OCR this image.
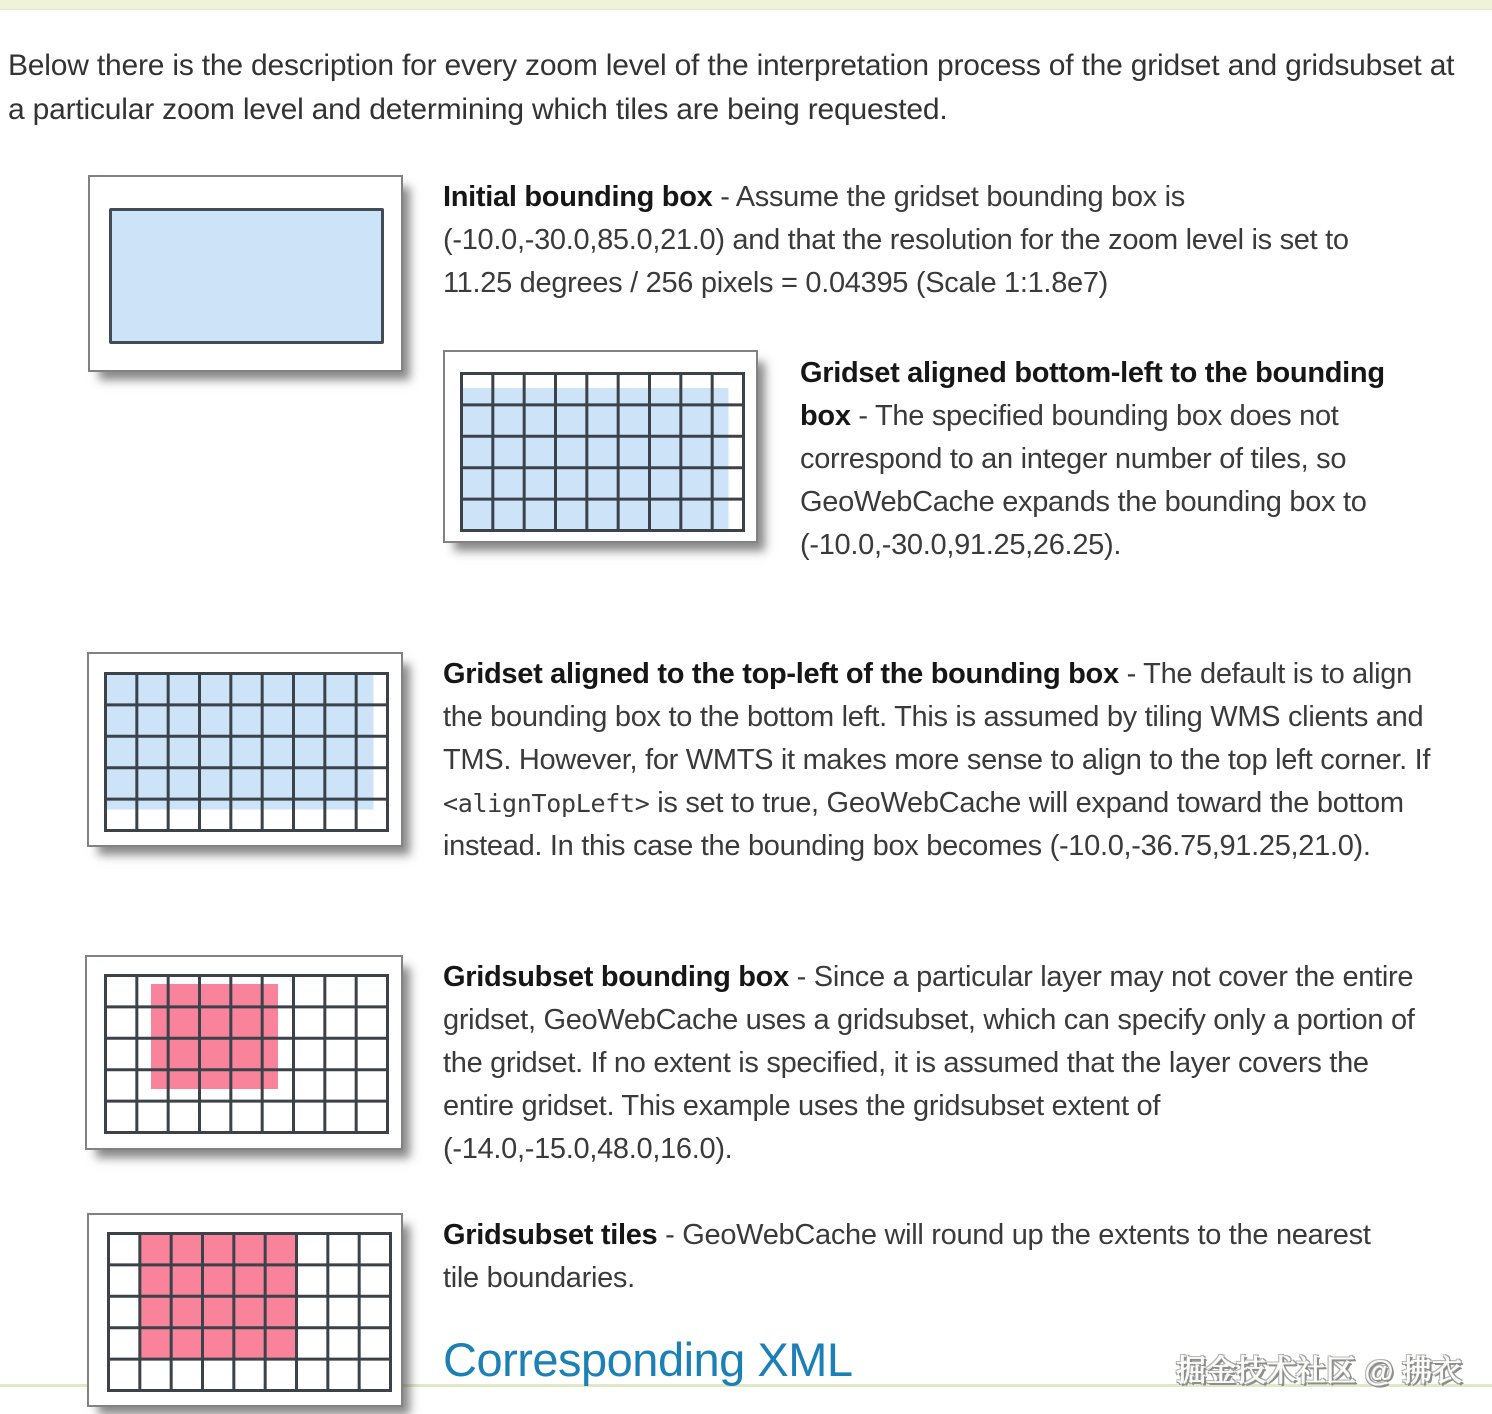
Below there is the description for every zoom level of the interpretation process of the gridset and gridsubset at a particular zoom level and determining which tiles are being requested.
Initial bounding box - Assume the gridset bounding box is (-10.0,-30.0,85.0,21.0) and that the resolution for the zoom level is set to 11.25 degrees / 256 pixels = 0.04395 (Scale 1:1.8e7)
Gridset aligned bottom-left to the bounding box - The specified bounding box does not correspond to an integer number of tiles, so GeoWebCache expands the bounding box to (-10.0,-30.0,91.25,26.25).
Gridset aligned to the top-left of the bounding box - The default is to align the bounding box to the bottom left. This is assumed by tiling WMS clients and TMS. However, for WMTS it makes more sense to align to the top left corner. If <alignTopLeft> is set to true, GeoWebCache will expand toward the bottom instead. In this case the bounding box becomes (-10.0,-36.75,91.25,21.0).
Gridsubset bounding box - Since a particular layer may not cover the entire gridset, GeoWebCache uses a gridsubset, which can specify only a portion of the gridset. If no extent is specified, it is assumed that the layer covers the entire gridset. This example uses the gridsubset extent of (-14.0,-15.0,48.0,16.0).
Gridsubset tiles - GeoWebCache will round up the extents to the nearest tile boundaries.
Corresponding XML	掘金技术社区 @ 拂衣
